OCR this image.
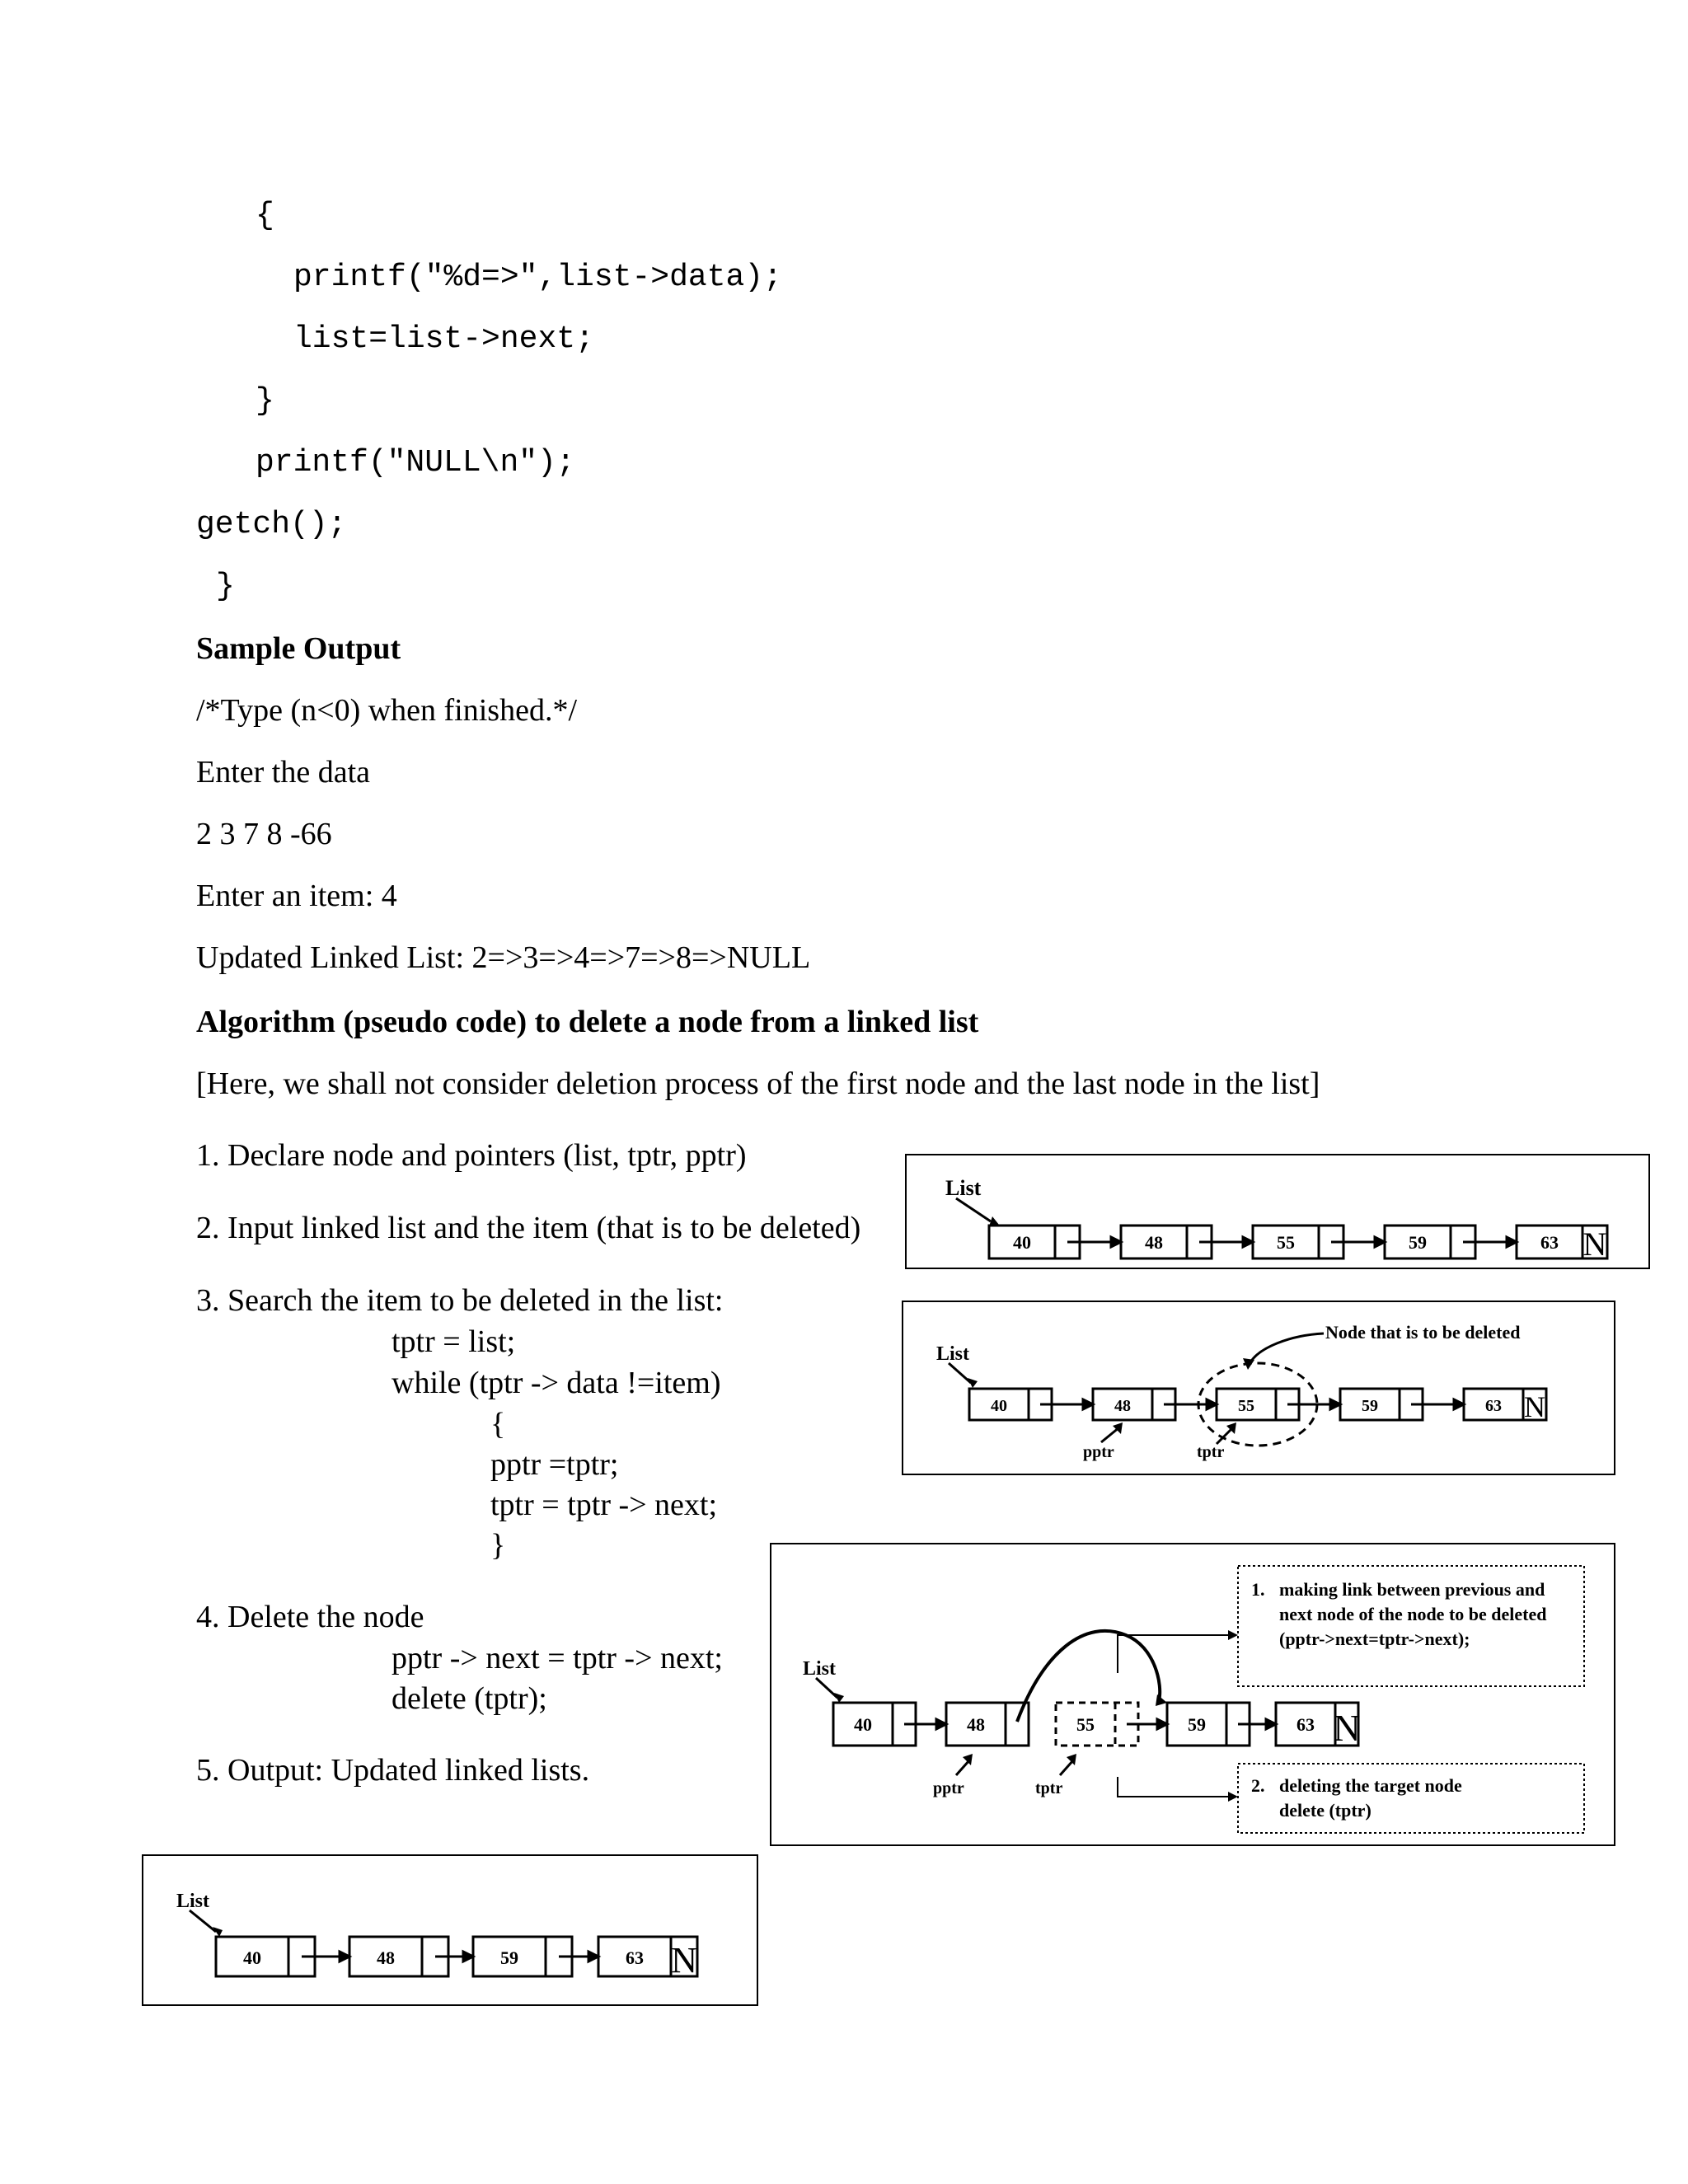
{
printf("%d=>",list->data);
list=list->next;
}
printf("NULL\n");
getch();
}
Sample Output
/*Type (n<0) when finished.*/
Enter the data
2 3 7 8 -66
Enter an item: 4
Updated Linked List: 2=>3=>4=>7=>8=>NULL
Algorithm (pseudo code) to delete a node from a linked list
[Here, we shall not consider deletion process of the first node and the last node in the list]
1. Declare node and pointers (list, tptr, pptr)
2. Input linked list and the item (that is to be deleted)
3. Search the item to be deleted in the list:
tptr = list;
while (tptr -> data !=item)
{
pptr =tptr;
tptr = tptr -> next;
}
4. Delete the node
pptr -> next = tptr -> next;
delete (tptr);
5. Output: Updated linked lists.
List
40	48	55	59	63 N
List
40	48	55	59	63 N
Node that is to be deleted
pptr	tptr
List
40	48	55	59	63 N
1. making link between previous and
next node of the node to be deleted
(pptr->next=tptr->next);
2. deleting the target node
delete (tptr)
pptr	tptr
List
40	48	59	63 N
